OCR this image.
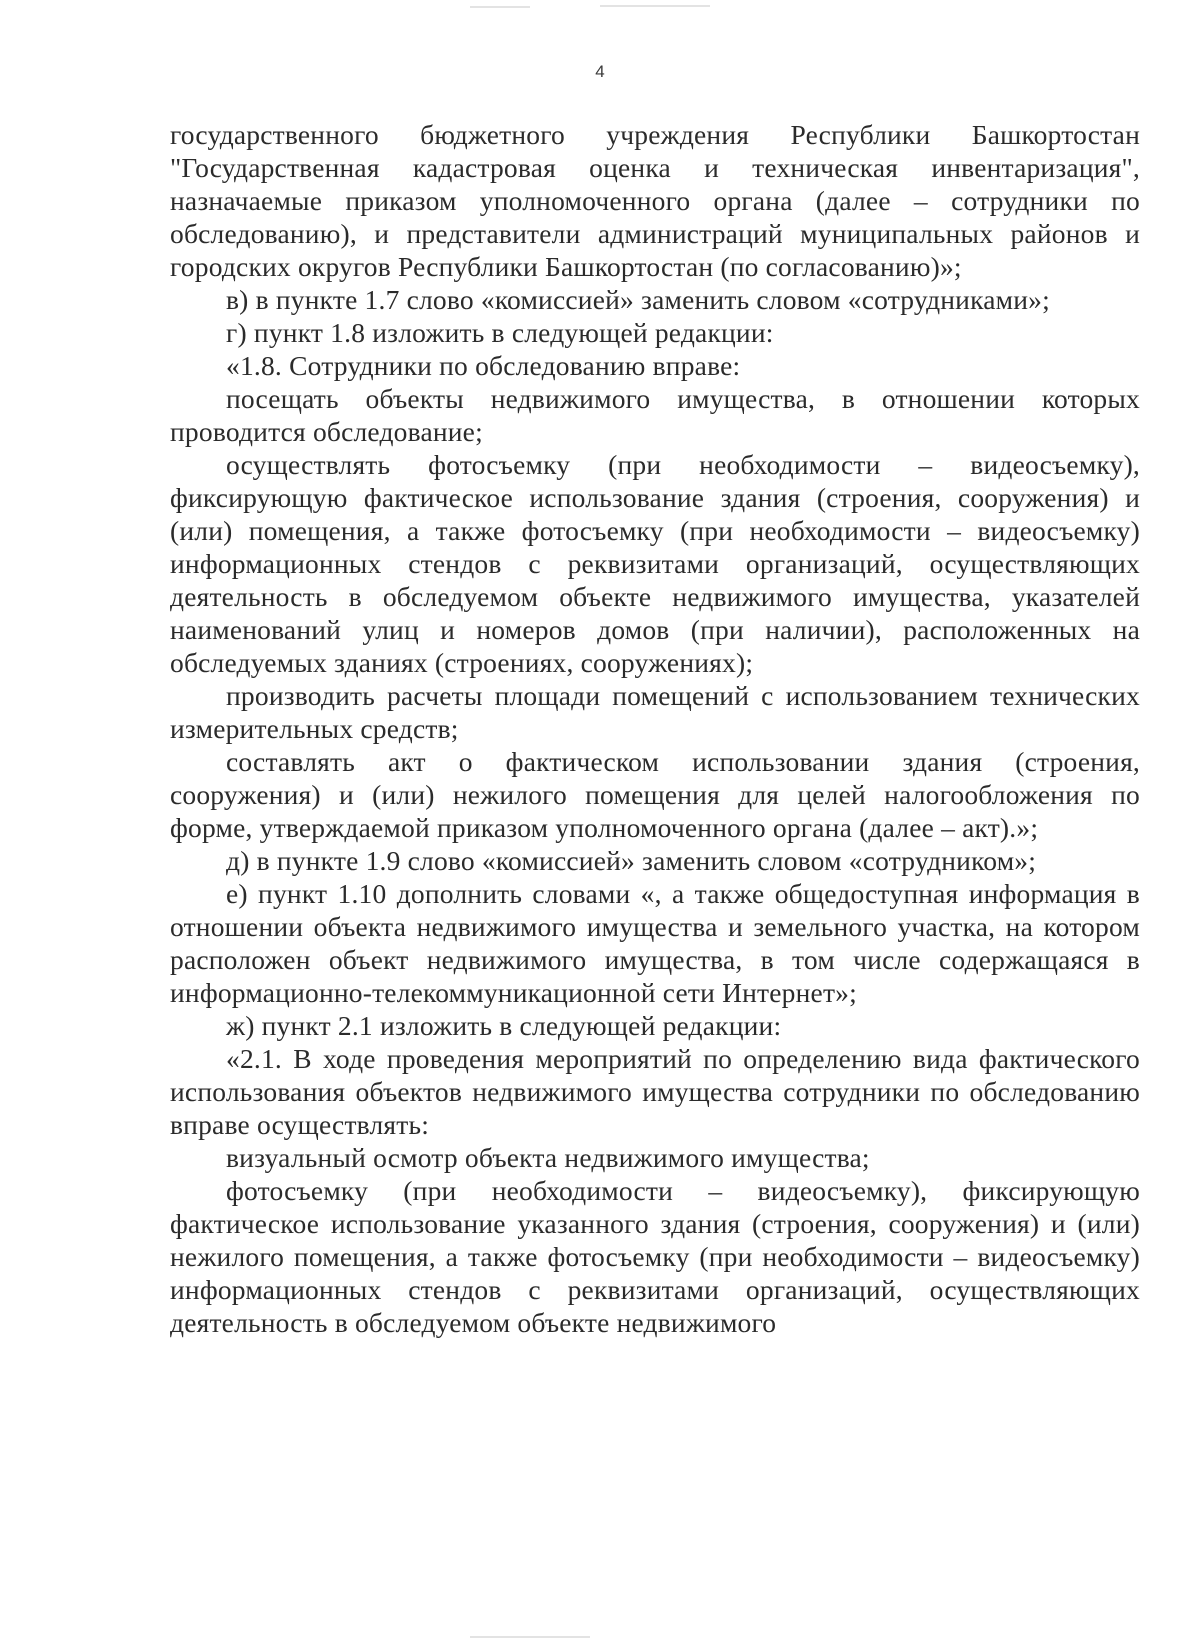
4

государственного бюджетного учреждения Республики Башкортостан "Государственная кадастровая оценка и техническая инвентаризация", назначаемые приказом уполномоченного органа (далее – сотрудники по обследованию), и представители администраций муниципальных районов и городских округов Республики Башкортостан (по согласованию)»;

в) в пункте 1.7 слово «комиссией» заменить словом «сотрудниками»;

г) пункт 1.8 изложить в следующей редакции:

«1.8. Сотрудники по обследованию вправе:

посещать объекты недвижимого имущества, в отношении которых проводится обследование;

осуществлять фотосъемку (при необходимости – видеосъемку), фиксирующую фактическое использование здания (строения, сооружения) и (или) помещения, а также фотосъемку (при необходимости – видеосъемку) информационных стендов с реквизитами организаций, осуществляющих деятельность в обследуемом объекте недвижимого имущества, указателей наименований улиц и номеров домов (при наличии), расположенных на обследуемых зданиях (строениях, сооружениях);

производить расчеты площади помещений с использованием технических измерительных средств;

составлять акт о фактическом использовании здания (строения, сооружения) и (или) нежилого помещения для целей налогообложения по форме, утверждаемой приказом уполномоченного органа (далее – акт).»;

д) в пункте 1.9 слово «комиссией» заменить словом «сотрудником»;

е) пункт 1.10 дополнить словами «, а также общедоступная информация в отношении объекта недвижимого имущества и земельного участка, на котором расположен объект недвижимого имущества, в том числе содержащаяся в информационно-телекоммуникационной сети Интернет»;

ж) пункт 2.1 изложить в следующей редакции:

«2.1. В ходе проведения мероприятий по определению вида фактического использования объектов недвижимого имущества сотрудники по обследованию вправе осуществлять:

визуальный осмотр объекта недвижимого имущества;

фотосъемку (при необходимости – видеосъемку), фиксирующую фактическое использование указанного здания (строения, сооружения) и (или) нежилого помещения, а также фотосъемку (при необходимости – видеосъемку) информационных стендов с реквизитами организаций, осуществляющих деятельность в обследуемом объекте недвижимого
